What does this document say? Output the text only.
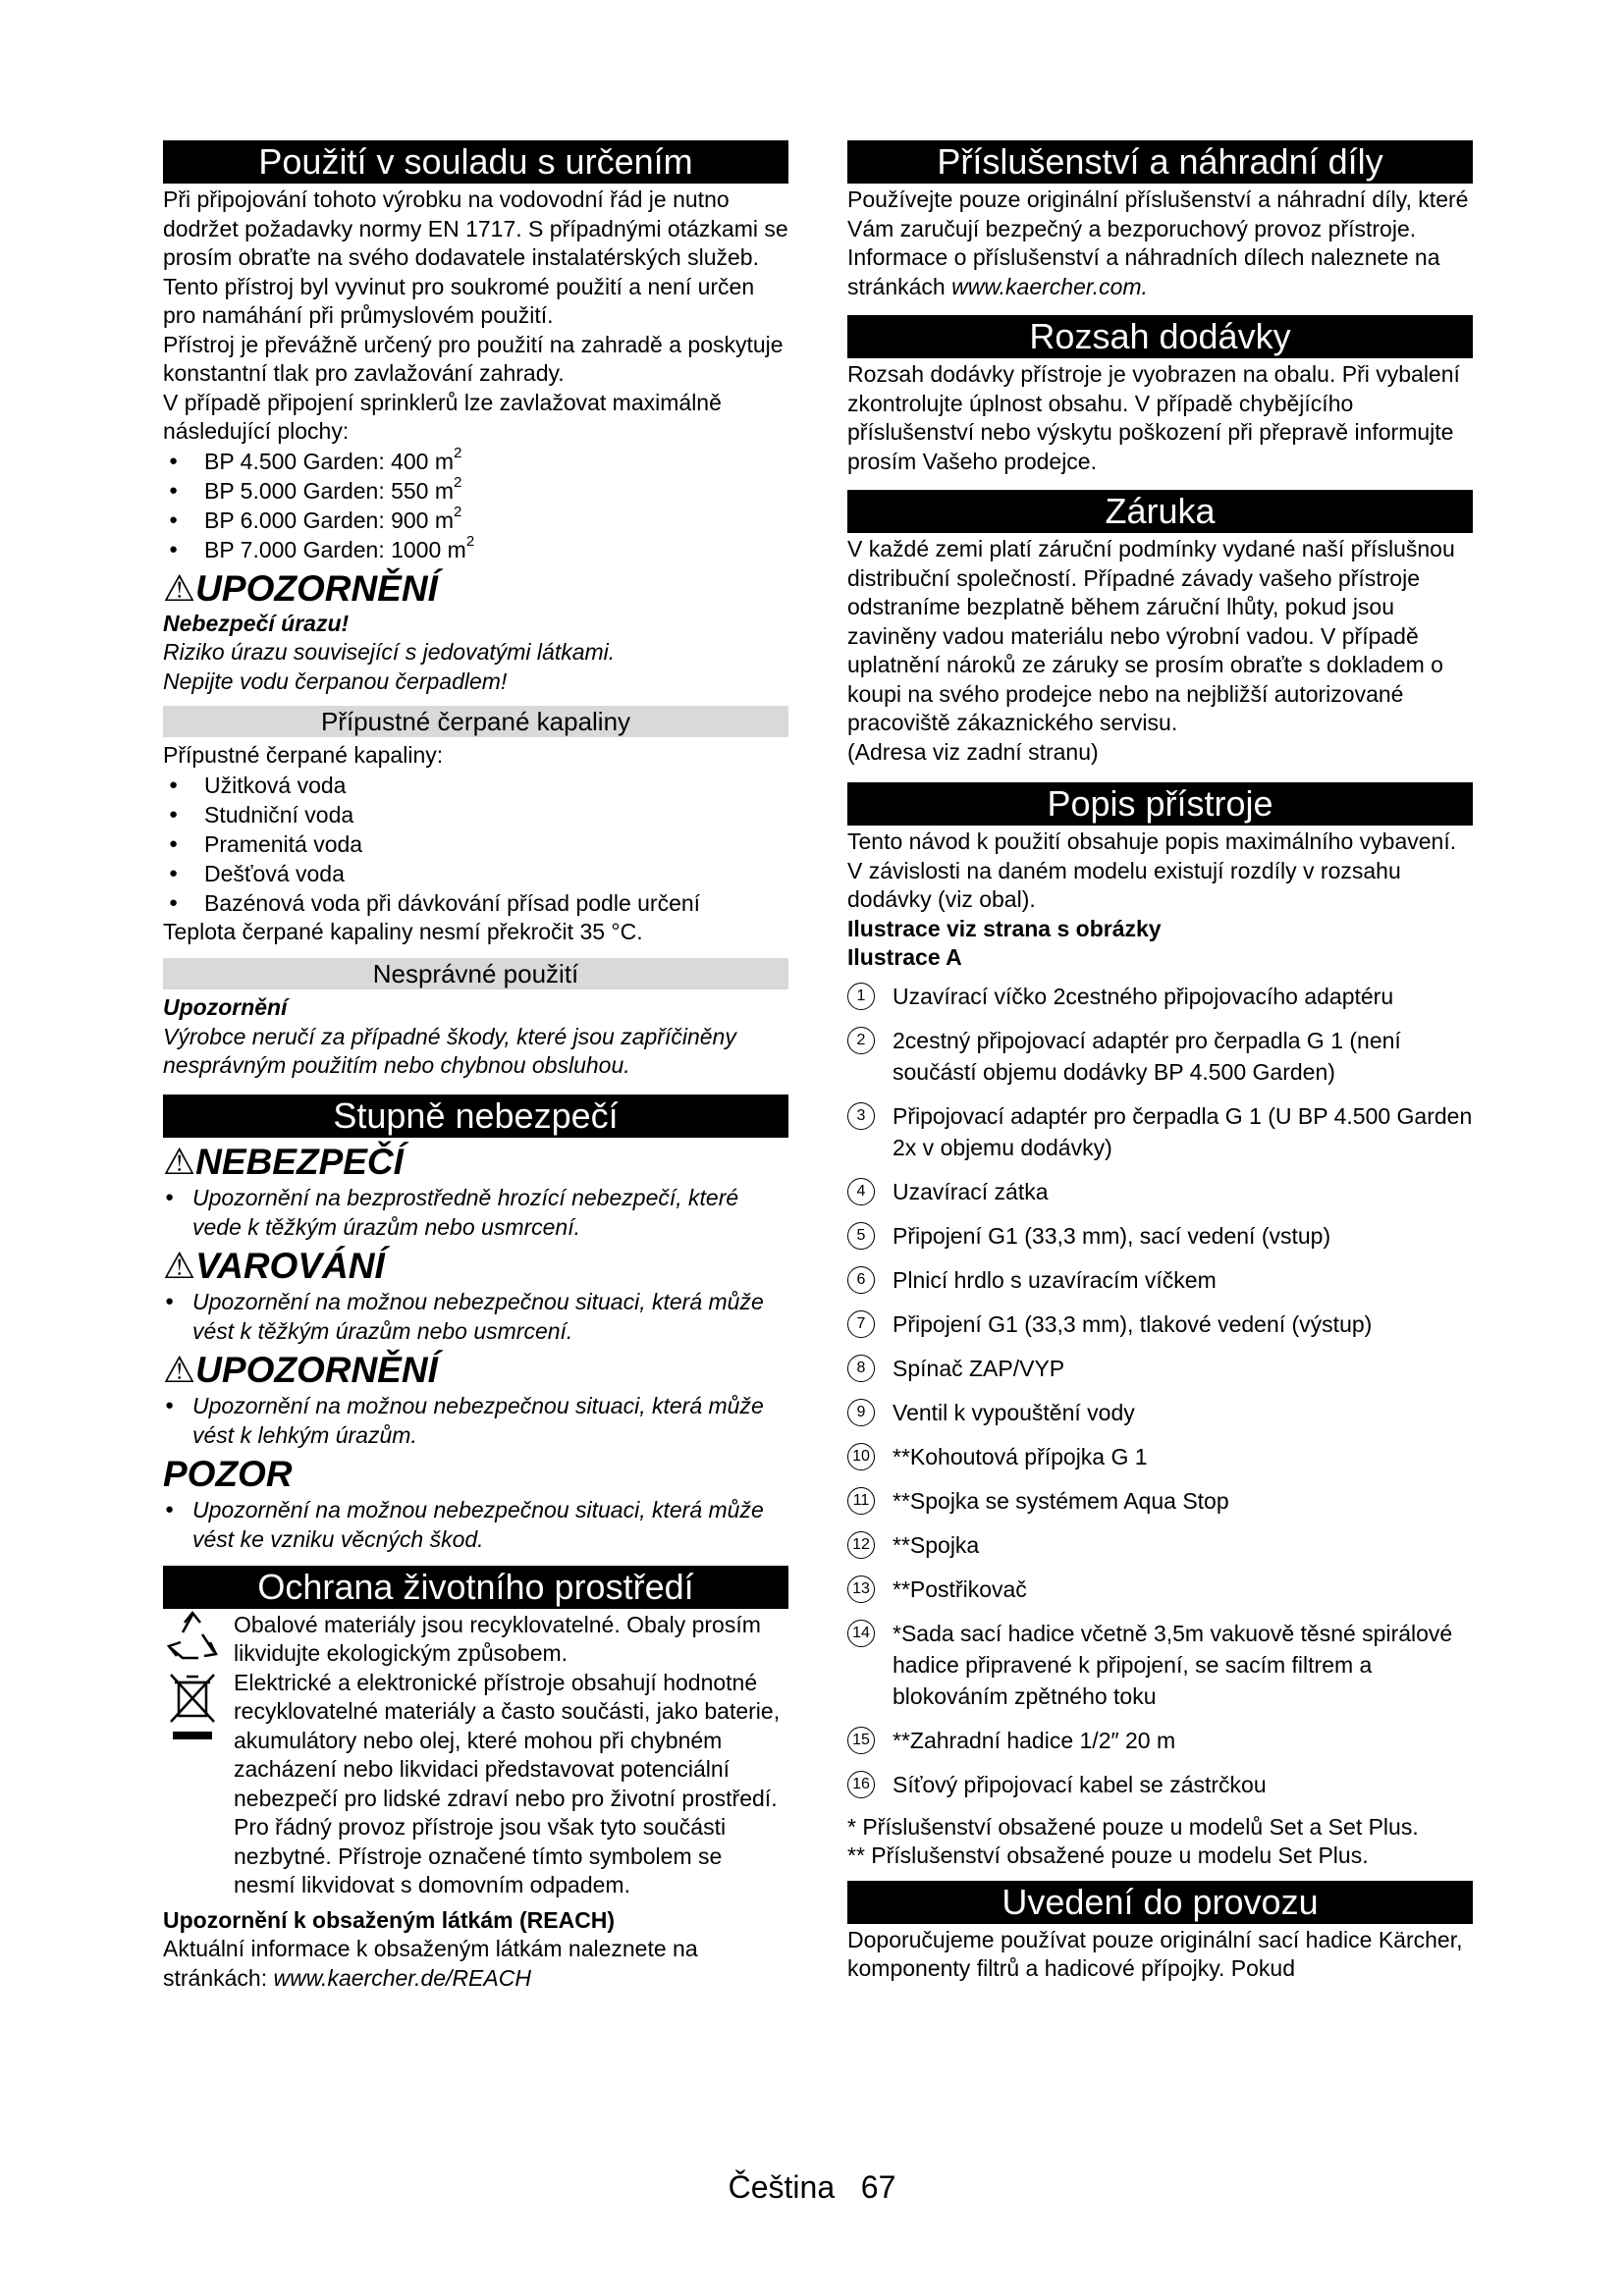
Použití v souladu s určením

Při připojování tohoto výrobku na vodovodní řád je nutno dodržet požadavky normy EN 1717. S případnými otázkami se prosím obraťte na svého dodavatele instalatérských služeb.

Tento přístroj byl vyvinut pro soukromé použití a není určen pro namáhání při průmyslovém použití.

Přístroj je převážně určený pro použití na zahradě a poskytuje konstantní tlak pro zavlažování zahrady.

V případě připojení sprinklerů lze zavlažovat maximálně následující plochy:

● BP 4.500 Garden: 400 $m^2$
● BP 5.000 Garden: 550 $m^2$
● BP 6.000 Garden: 900 $m^2$
● BP 7.000 Garden: 1000 $m^2$
⚠UPOZORNĚNÍ

Nebezpečí úrazu!

Riziko úrazu související s jedovatými látkami.

Nepijte vodu čerpanou čerpadlem!

Přípustné čerpané kapaliny

Přípustné čerpané kapaliny:

● Užitková voda
● Studniční voda
● Pramenitá voda
● Dešťová voda
● Bazénová voda při dávkování přísad podle určení

Teplota čerpané kapaliny nesmí překročit 35 °C.

Nesprávné použití

Upozornění

Výrobce neručí za případné škody, které jsou zapříčiněny nesprávným použitím nebo chybnou obsluhou.

Stupně nebezpečí
⚠NEBEZPEČÍ
● Upozornění na bezprostředně hrozící nebezpečí, které vede k těžkým úrazům nebo usmrcení.
⚠VAROVÁNÍ
● Upozornění na možnou nebezpečnou situaci, která může vést k těžkým úrazům nebo usmrcení.
⚠UPOZORNĚNÍ
● Upozornění na možnou nebezpečnou situaci, která může vést k lehkým úrazům.
POZOR
● Upozornění na možnou nebezpečnou situaci, která může vést ke vzniku věcných škod.
Ochrana životního prostředí

Obalové materiály jsou recyklovatelné. Obaly prosím likvidujte ekologickým způsobem.

Elektrické a elektronické přístroje obsahují hodnotné recyklovatelné materiály a často součásti, jako baterie, akumulátory nebo olej, které mohou při chybném zacházení nebo likvidaci představovat potenciální nebezpečí pro lidské zdraví nebo pro životní prostředí. Pro řádný provoz přístroje jsou však tyto součásti nezbytné. Přístroje označené tímto symbolem se nesmí likvidovat s domovním odpadem.

Upozornění k obsaženým látkám (REACH)

Aktuální informace k obsaženým látkám naleznete na stránkách: www.kaercher.de/REACH

Příslušenství a náhradní díly

Používejte pouze originální příslušenství a náhradní díly, které Vám zaručují bezpečný a bezporuchový provoz přístroje.

Informace o příslušenství a náhradních dílech naleznete na stránkách www.kaercher.com.

Rozsah dodávky

Rozsah dodávky přístroje je vyobrazen na obalu. Při vybalení zkontrolujte úplnost obsahu. V případě chybějícího příslušenství nebo výskytu poškození při přepravě informujte prosím Vašeho prodejce.

Záruka

V každé zemi platí záruční podmínky vydané naší příslušnou distribuční společností. Případné závady vašeho přístroje odstraníme bezplatně během záruční lhůty, pokud jsou zaviněny vadou materiálu nebo výrobní vadou. V případě uplatnění nároků ze záruky se prosím obraťte s dokladem o koupi na svého prodejce nebo na nejbližší autorizované pracoviště zákaznického servisu.

(Adresa viz zadní stranu)

Popis přístroje

Tento návod k použití obsahuje popis maximálního vybavení. V závislosti na daném modelu existují rozdíly v rozsahu dodávky (viz obal).

Ilustrace viz strana s obrázky

Ilustrace A

1	Uzavírací víčko 2cestného připojovacího adaptéru
2	2cestný připojovací adaptér pro čerpadla G 1 (není součástí objemu dodávky BP 4.500 Garden)
3	Připojovací adaptér pro čerpadla G 1 (U BP 4.500 Garden 2x v objemu dodávky)
4	Uzavírací zátka
5	Připojení G1 (33,3 mm), sací vedení (vstup)
6	Plnicí hrdlo s uzavíracím víčkem
7	Připojení G1 (33,3 mm), tlakové vedení (výstup)
8	Spínač ZAP/VYP
9	Ventil k vypouštění vody
10 **Kohoutová přípojka G 1
11 **Spojka se systémem Aqua Stop
12 **Spojka
13 **Postřikovač
14 *Sada sací hadice včetně 3,5m vakuově těsné spirálové hadice připravené k připojení, se sacím filtrem a blokováním zpětného toku
15 **Zahradní hadice 1/2″ 20 m
16 Síťový připojovací kabel se zástrčkou

* Příslušenství obsažené pouze u modelů Set a Set Plus.

** Příslušenství obsažené pouze u modelu Set Plus.

Uvedení do provozu

Doporučujeme používat pouze originální sací hadice Kärcher, komponenty filtrů a hadicové přípojky. Pokud

Čeština 67
